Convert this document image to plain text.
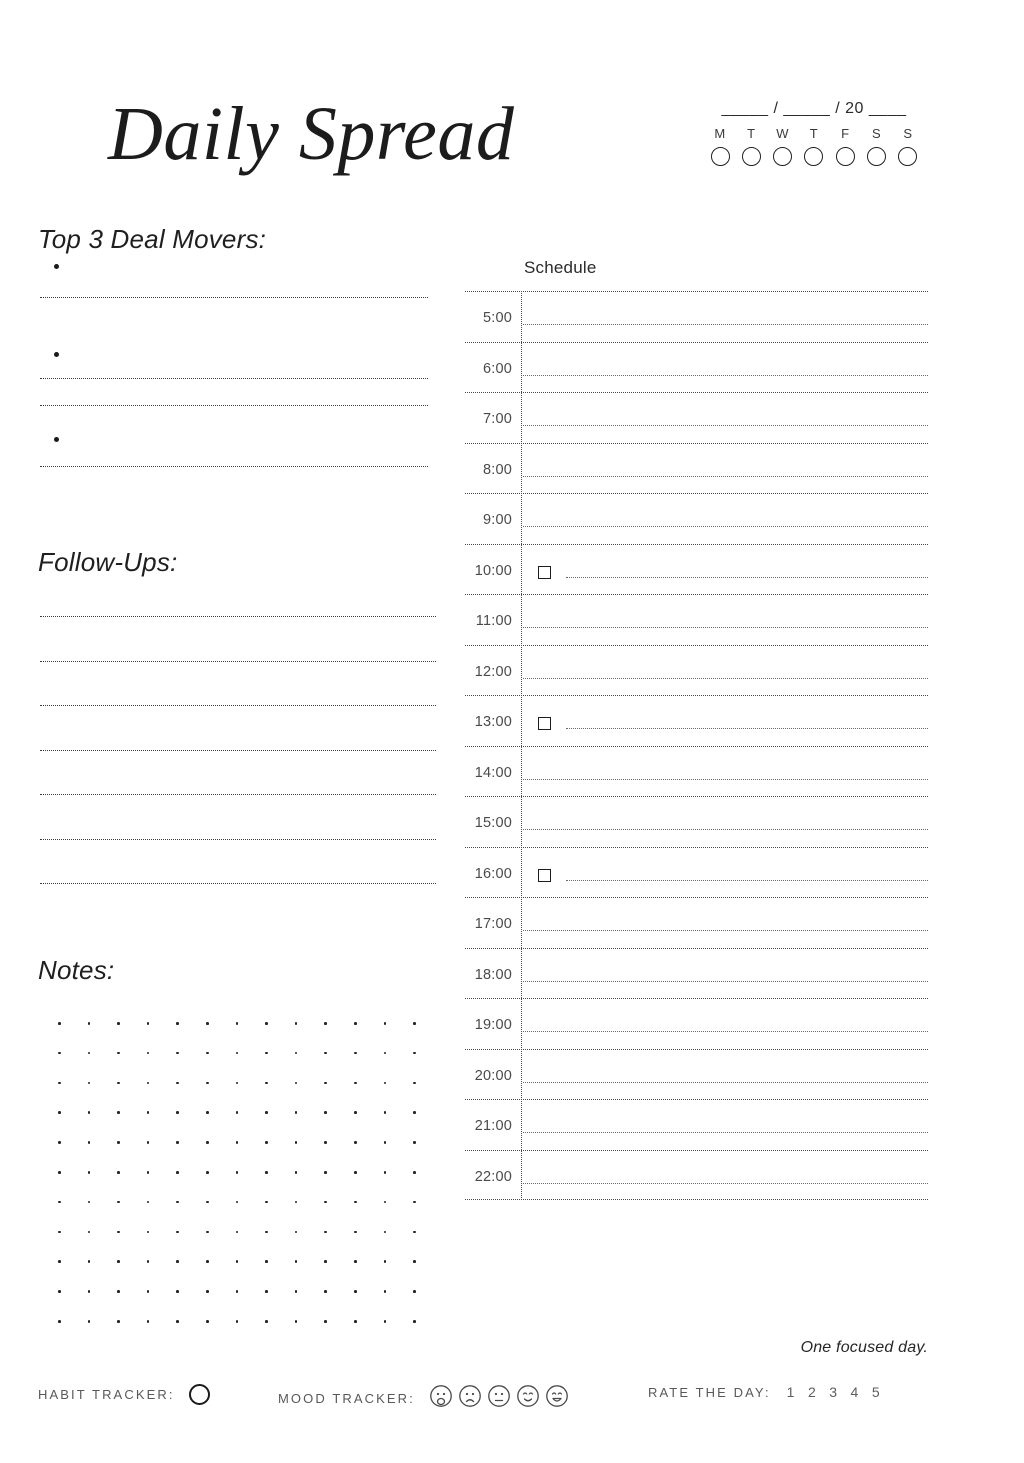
Daily Spread	_____ / _____ / 20 ____
M T W T F S S
Top 3 Deal Movers:
Follow-Ups:
Notes:
Schedule
5:00
6:00
7:00
8:00
9:00
10:00
11:00
12:00
13:00
14:00
15:00
16:00
17:00
18:00
19:00
20:00
21:00
22:00
One focused day.
HABIT TRACKER:	MOOD TRACKER:	RATE THE DAY: 1 2 3 4 5
